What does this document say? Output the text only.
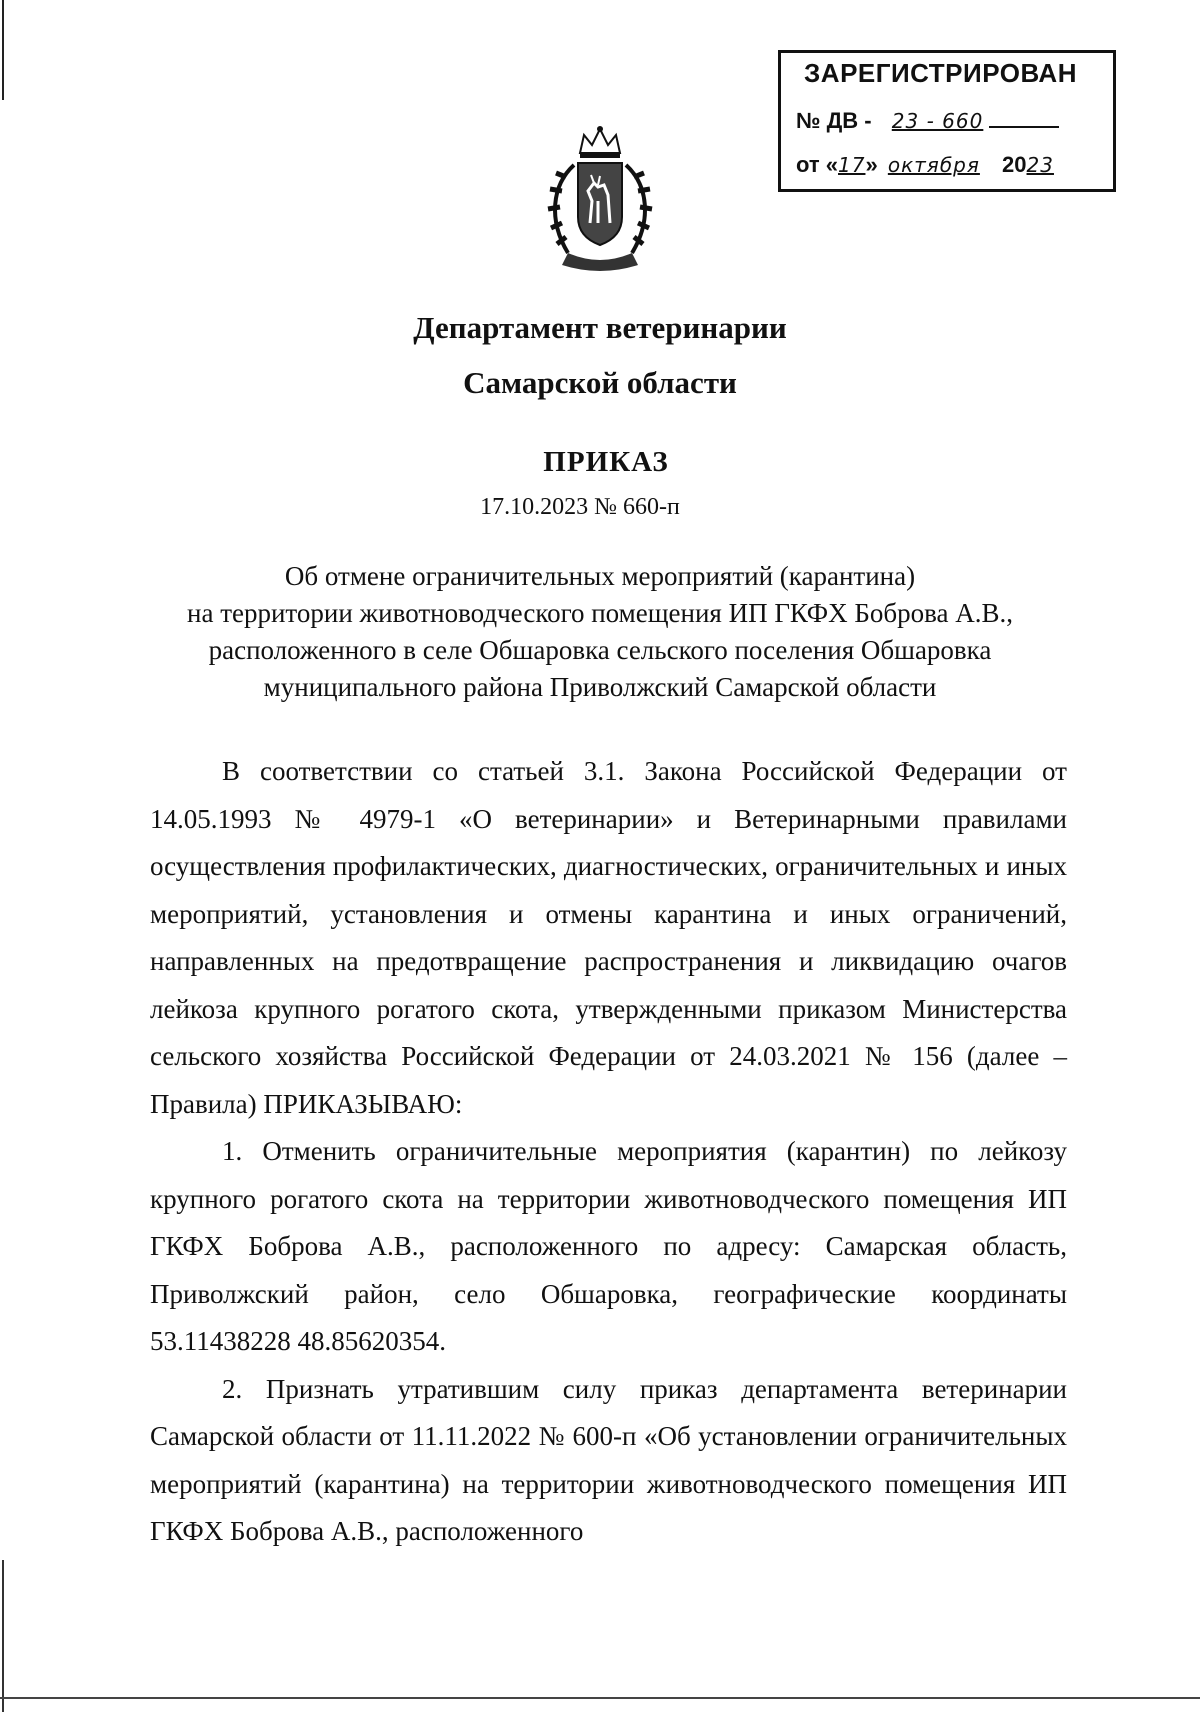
ЗАРЕГИСТРИРОВАН
№ ДВ - 23 - 660
от «17» октября 2023
Департамент ветеринарии
Самарской области
ПРИКАЗ
17.10.2023 № 660-п
Об отмене ограничительных мероприятий (карантина)
на территории животноводческого помещения ИП ГКФХ Боброва А.В.,
расположенного в селе Обшаровка сельского поселения Обшаровка
муниципального района Приволжский Самарской области

В соответствии со статьей 3.1. Закона Российской Федерации от 14.05.1993 № 4979-1 «О ветеринарии» и Ветеринарными правилами осуществления профилактических, диагностических, ограничительных и иных мероприятий, установления и отмены карантина и иных ограничений, направленных на предотвращение распространения и ликвидацию очагов лейкоза крупного рогатого скота, утвержденными приказом Министерства сельского хозяйства Российской Федерации от 24.03.2021 № 156 (далее – Правила) ПРИКАЗЫВАЮ:

1. Отменить ограничительные мероприятия (карантин) по лейкозу крупного рогатого скота на территории животноводческого помещения ИП ГКФХ Боброва А.В., расположенного по адресу: Самарская область, Приволжский район, село Обшаровка, географические координаты 53.11438228 48.85620354.

2. Признать утратившим силу приказ департамента ветеринарии Самарской области от 11.11.2022 № 600-п «Об установлении ограничительных мероприятий (карантина) на территории животноводческого помещения ИП ГКФХ Боброва А.В., расположенного
